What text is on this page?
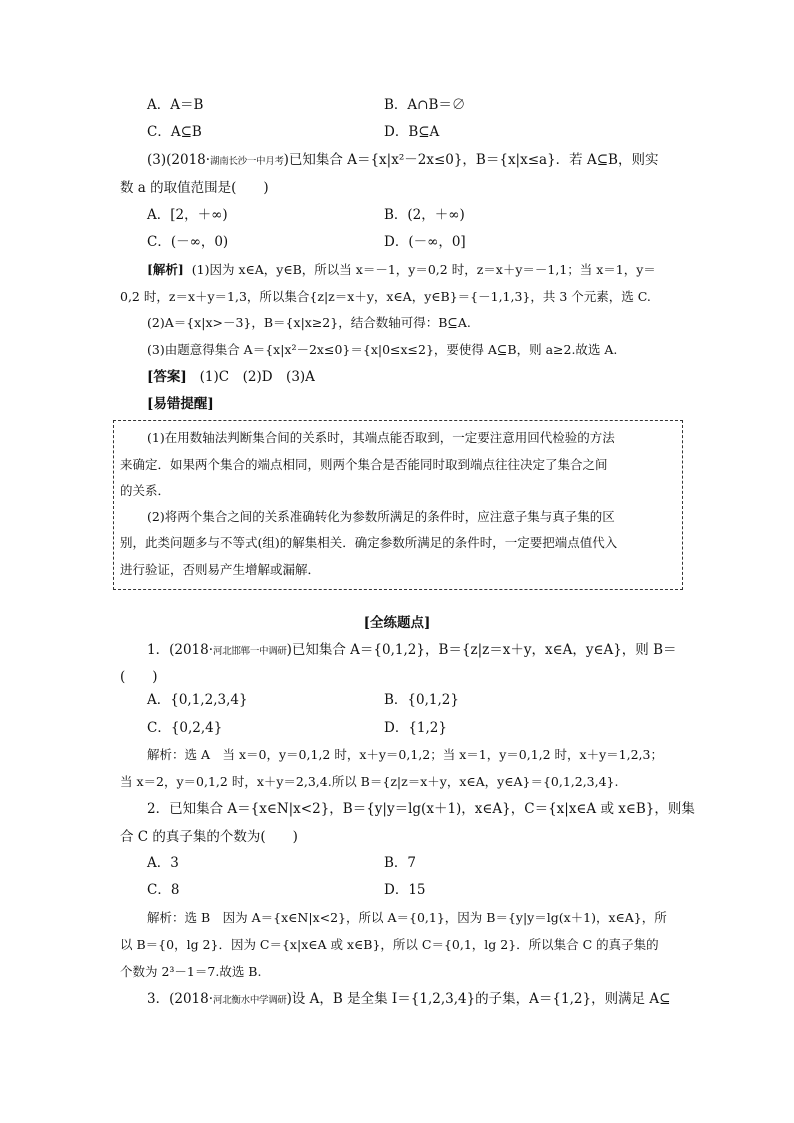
A．A＝B	B．A∩B＝∅
C．A⊆B	D．B⊆A
(3)(2018·湖南长沙一中月考)已知集合 A＝{x|x²－2x≤0}，B＝{x|x≤a}．若 A⊆B，则实
数 a 的取值范围是(　　)
A．[2，＋∞)	B．(2，＋∞)
C．(－∞，0)	D．(－∞，0]
[解析] (1)因为 x∈A，y∈B，所以当 x＝－1，y＝0,2 时，z＝x＋y＝－1,1；当 x＝1，y＝
0,2 时，z＝x＋y＝1,3，所以集合{z|z＝x＋y，x∈A，y∈B}＝{－1,1,3}，共 3 个元素，选 C.
(2)A＝{x|x>－3}，B＝{x|x≥2}，结合数轴可得：B⊆A.
(3)由题意得集合 A＝{x|x²－2x≤0}＝{x|0≤x≤2}，要使得 A⊆B，则 a≥2.故选 A.
[答案] (1)C　(2)D　(3)A
[易错提醒]
(1)在用数轴法判断集合间的关系时，其端点能否取到，一定要注意用回代检验的方法
来确定．如果两个集合的端点相同，则两个集合是否能同时取到端点往往决定了集合之间
的关系．
(2)将两个集合之间的关系准确转化为参数所满足的条件时，应注意子集与真子集的区
别，此类问题多与不等式(组)的解集相关．确定参数所满足的条件时，一定要把端点值代入
进行验证，否则易产生增解或漏解．
[全练题点]
1．(2018·河北邯郸一中调研)已知集合 A＝{0,1,2}，B＝{z|z＝x＋y，x∈A，y∈A}，则 B＝
(　　)
A．{0,1,2,3,4}	B．{0,1,2}
C．{0,2,4}	D．{1,2}
解析：选 A　当 x＝0，y＝0,1,2 时，x＋y＝0,1,2；当 x＝1，y＝0,1,2 时，x＋y＝1,2,3；
当 x＝2，y＝0,1,2 时，x＋y＝2,3,4.所以 B＝{z|z＝x＋y，x∈A，y∈A}＝{0,1,2,3,4}.
2．已知集合 A＝{x∈N|x<2}，B＝{y|y＝lg(x＋1)，x∈A}，C＝{x|x∈A 或 x∈B}，则集
合 C 的真子集的个数为(　　)
A．3	B．7
C．8	D．15
解析：选 B　因为 A＝{x∈N|x<2}，所以 A＝{0,1}，因为 B＝{y|y＝lg(x＋1)，x∈A}，所
以 B＝{0，lg 2}．因为 C＝{x|x∈A 或 x∈B}，所以 C＝{0,1，lg 2}．所以集合 C 的真子集的
个数为 2³－1＝7.故选 B.
3．(2018·河北衡水中学调研)设 A，B 是全集 I＝{1,2,3,4}的子集，A＝{1,2}，则满足 A⊆
